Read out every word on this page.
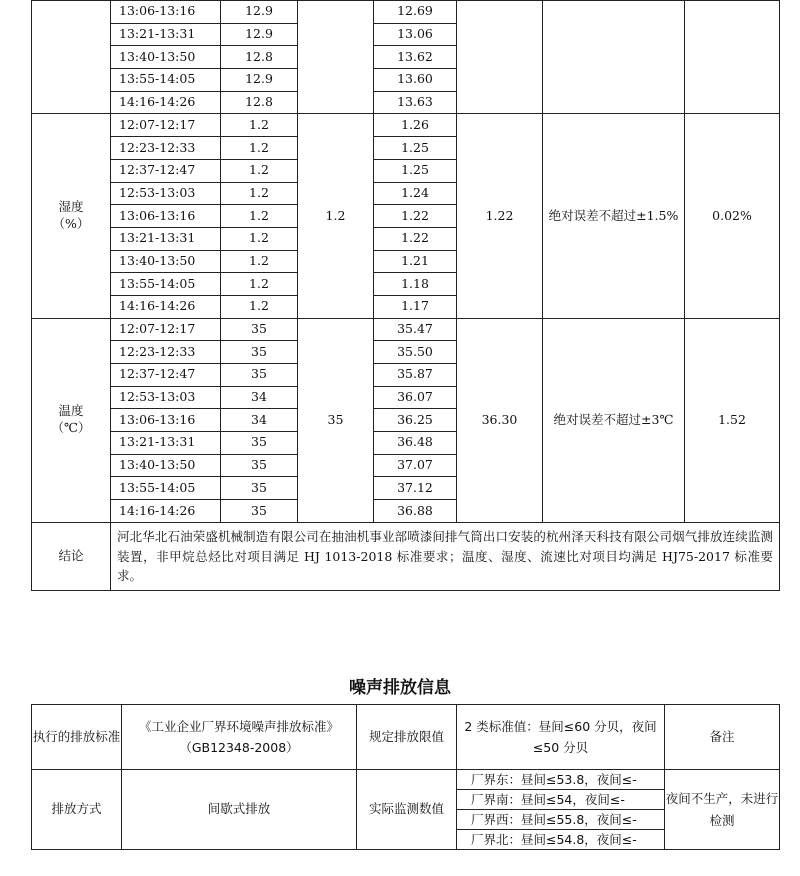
	13:06-13:16	12.9		12.69			
	13:21-13:31	12.9		13.06			
	13:40-13:50	12.8		13.62			
	13:55-14:05	12.9		13.60			
	14:16-14:26	12.8		13.63			

湿度
（%）	12:07-12:17	1.2	1.2	1.26	1.22	绝对误差不超过±1.5%	0.02%
	12:23-12:33	1.2		1.25			
	12:37-12:47	1.2		1.25			
	12:53-13:03	1.2		1.24			
	13:06-13:16	1.2		1.22			
	13:21-13:31	1.2		1.22			
	13:40-13:50	1.2		1.21			
	13:55-14:05	1.2		1.18			
	14:16-14:26	1.2		1.17			

温度
（℃）	12:07-12:17	35	35	35.47	36.30	绝对误差不超过±3℃	1.52
	12:23-12:33	35		35.50			
	12:37-12:47	35		35.87			
	12:53-13:03	34		36.07			
	13:06-13:16	34		36.25			
	13:21-13:31	35		36.48			
	13:40-13:50	35		37.07			
	13:55-14:05	35		37.12			
	14:16-14:26	35		36.88			
结论	河北华北石油荣盛机械制造有限公司在抽油机事业部喷漆间排气筒出口安装的杭州泽天科技有限公司烟气排放连续监测装置，非甲烷总烃比对项目满足 HJ 1013-2018 标准要求；温度、湿度、流速比对项目均满足 HJ75-2017 标准要求。						
噪声排放信息
执行的排放标准	《工业企业厂界环境噪声排放标准》（GB12348-2008）	规定排放限值	2 类标准值：昼间≤60 分贝，夜间≤50 分贝	备注
排放方式	间歇式排放	实际监测数值	厂界东：昼间≤53.8，夜间≤-	夜间不生产，未进行检测
			厂界南：昼间≤54，夜间≤-	
			厂界西：昼间≤55.8，夜间≤-	
			厂界北：昼间≤54.8，夜间≤-	
